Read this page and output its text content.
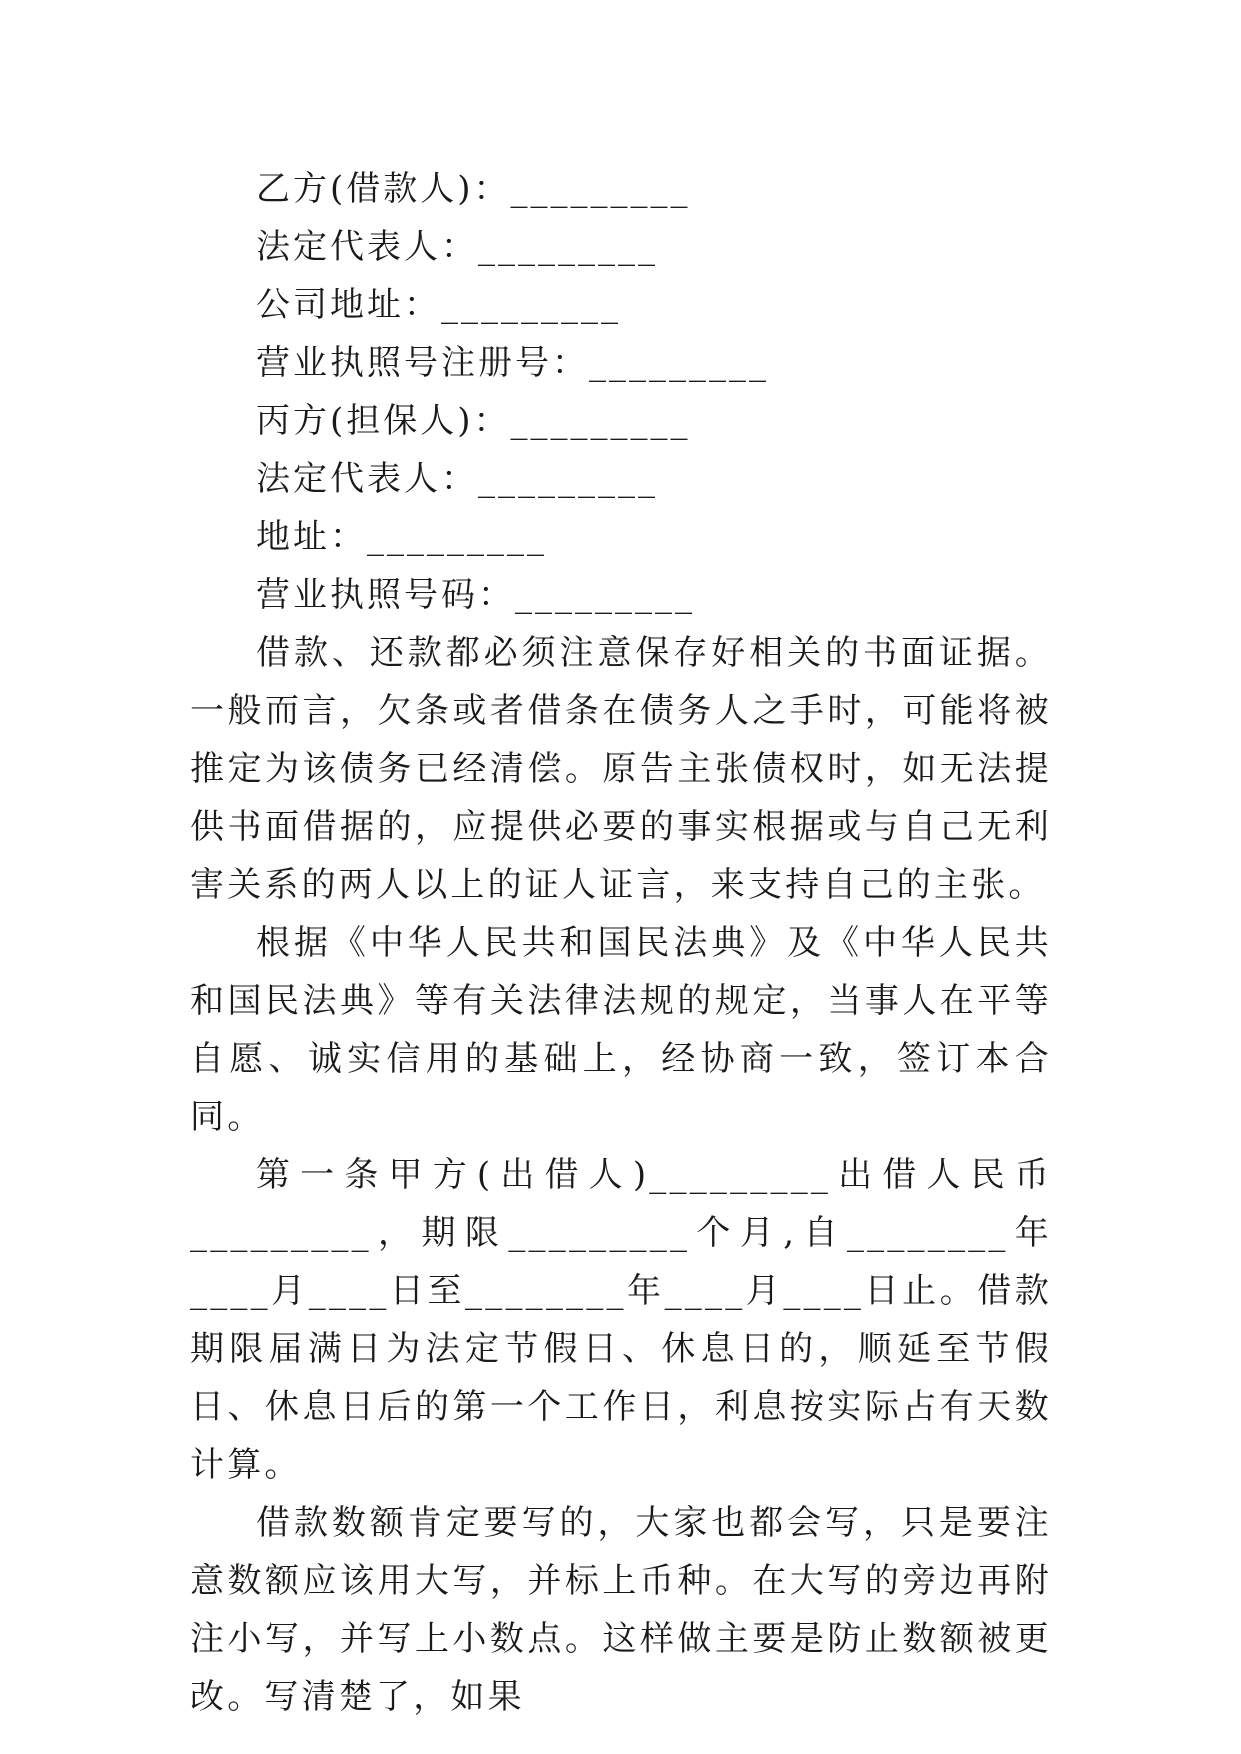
乙方(借款人)：_________
法定代表人：_________
公司地址：_________
营业执照号注册号：_________
丙方(担保人)：_________
法定代表人：_________
地址：_________
营业执照号码：_________

借款、还款都必须注意保存好相关的书面证据。一般而言，欠条或者借条在债务人之手时，可能将被推定为该债务已经清偿。原告主张债权时，如无法提供书面借据的，应提供必要的事实根据或与自己无利害关系的两人以上的证人证言，来支持自己的主张。

根据《中华人民共和国民法典》及《中华人民共和国民法典》等有关法律法规的规定，当事人在平等自愿、诚实信用的基础上，经协商一致，签订本合同。

第一条甲方(出借人)_________出借人民币_________，期限_________个月,自________年____月____日至________年____月____日止。借款期限届满日为法定节假日、休息日的，顺延至节假日、休息日后的第一个工作日，利息按实际占有天数计算。

借款数额肯定要写的，大家也都会写，只是要注意数额应该用大写，并标上币种。在大写的旁边再附注小写，并写上小数点。这样做主要是防止数额被更改。写清楚了，如果
